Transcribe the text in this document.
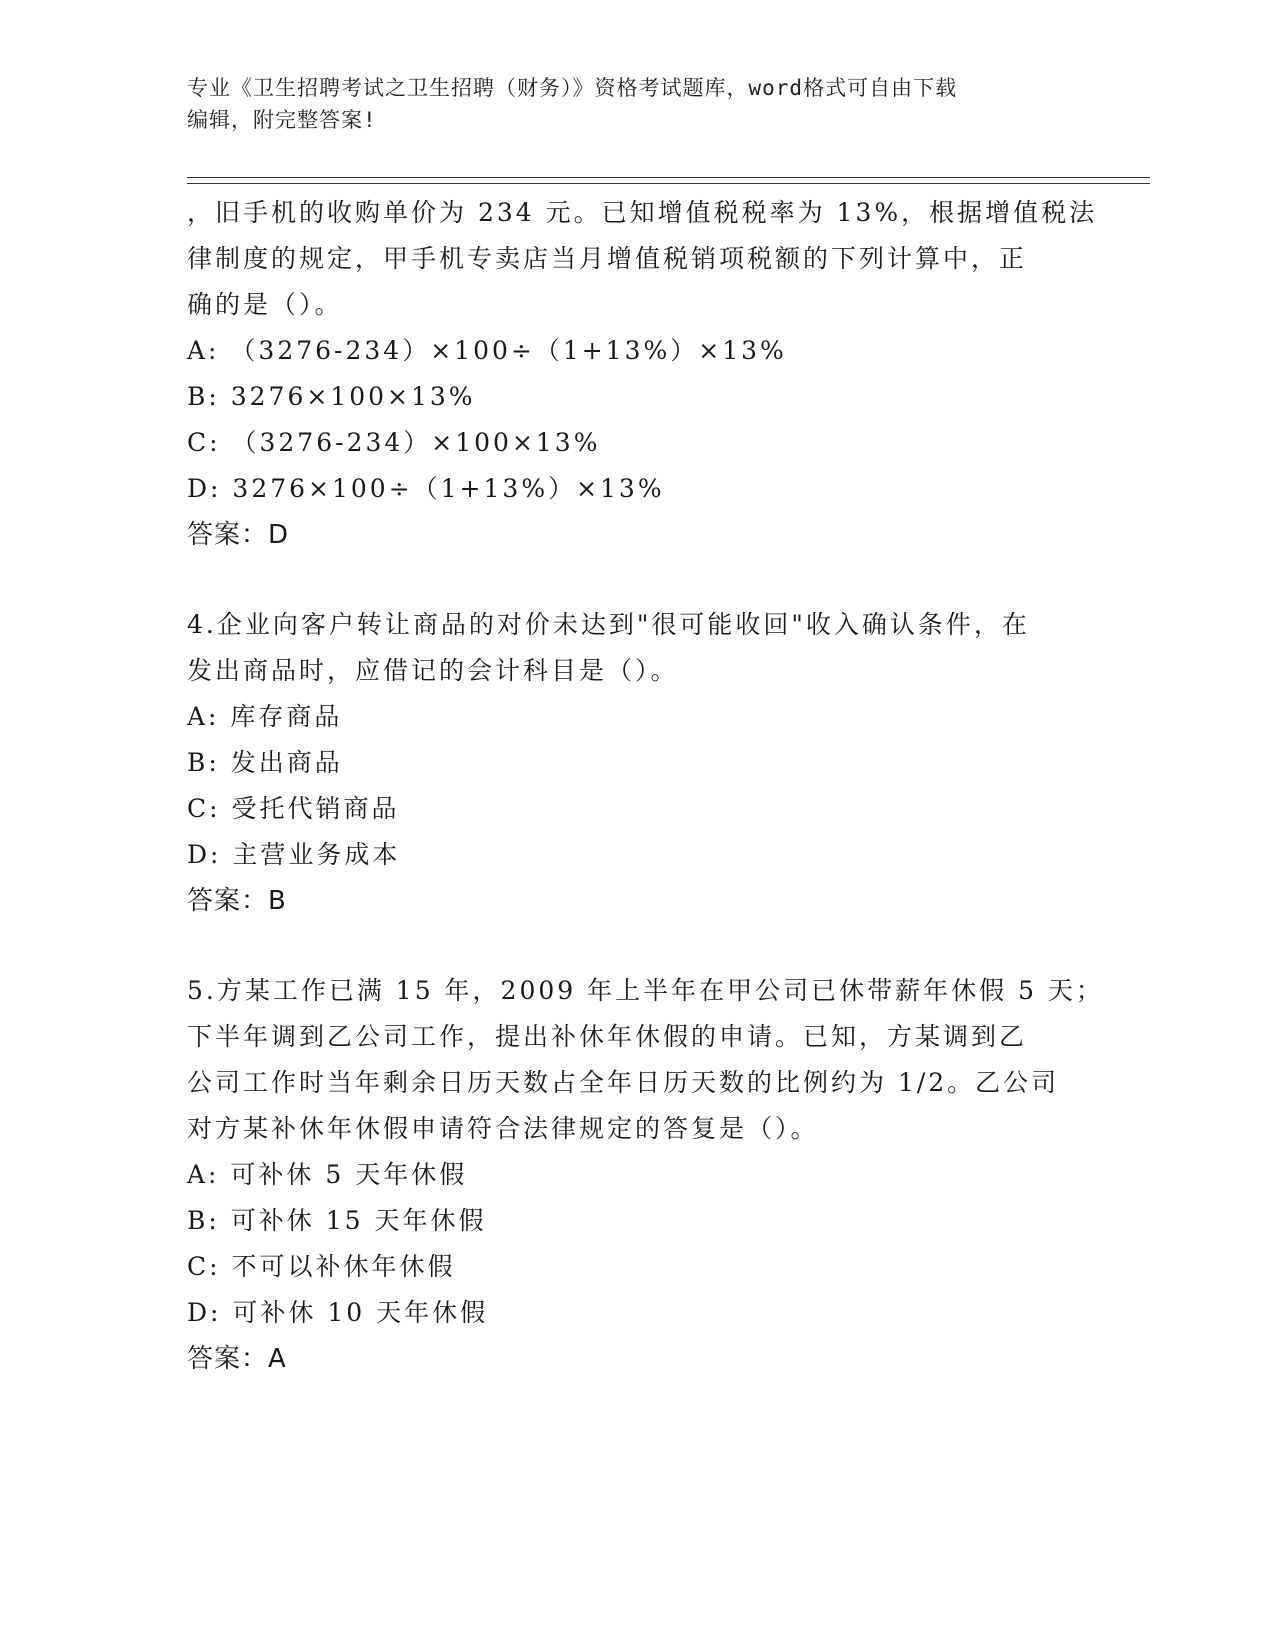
专业《卫生招聘考试之卫生招聘（财务）》资格考试题库，word格式可自由下载
编辑，附完整答案!
，旧手机的收购单价为 234 元。已知增值税税率为 13%，根据增值税法
律制度的规定，甲手机专卖店当月增值税销项税额的下列计算中，正
确的是（）。
A: （3276-234）×100÷（1+13%）×13%
B: 3276×100×13%
C: （3276-234）×100×13%
D: 3276×100÷（1+13%）×13%
答案：D
4.企业向客户转让商品的对价未达到"很可能收回"收入确认条件，在
发出商品时，应借记的会计科目是（）。
A: 库存商品
B: 发出商品
C: 受托代销商品
D: 主营业务成本
答案：B
5.方某工作已满 15 年，2009 年上半年在甲公司已休带薪年休假 5 天；
下半年调到乙公司工作，提出补休年休假的申请。已知，方某调到乙
公司工作时当年剩余日历天数占全年日历天数的比例约为 1/2。乙公司
对方某补休年休假申请符合法律规定的答复是（）。
A: 可补休 5 天年休假
B: 可补休 15 天年休假
C: 不可以补休年休假
D: 可补休 10 天年休假
答案：A
